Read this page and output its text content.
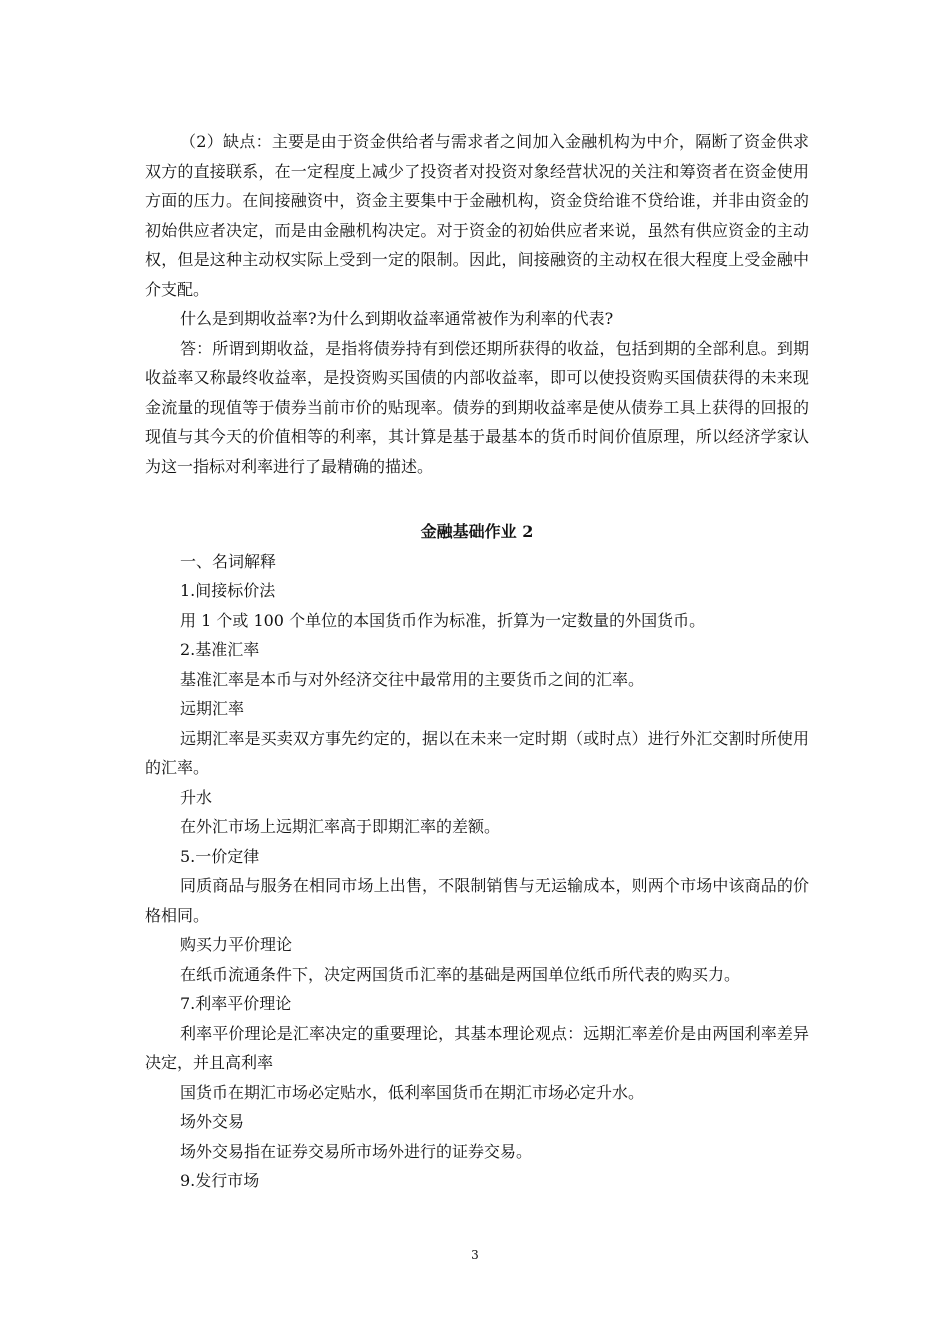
（2）缺点：主要是由于资金供给者与需求者之间加入金融机构为中介，隔断了资金供求双方的直接联系，在一定程度上减少了投资者对投资对象经营状况的关注和筹资者在资金使用方面的压力。在间接融资中，资金主要集中于金融机构，资金贷给谁不贷给谁，并非由资金的初始供应者决定，而是由金融机构决定。对于资金的初始供应者来说，虽然有供应资金的主动权，但是这种主动权实际上受到一定的限制。因此，间接融资的主动权在很大程度上受金融中介支配。

什么是到期收益率?为什么到期收益率通常被作为利率的代表?

答：所谓到期收益，是指将债券持有到偿还期所获得的收益，包括到期的全部利息。到期收益率又称最终收益率，是投资购买国债的内部收益率，即可以使投资购买国债获得的未来现金流量的现值等于债券当前市价的贴现率。债券的到期收益率是使从债券工具上获得的回报的现值与其今天的价值相等的利率，其计算是基于最基本的货币时间价值原理，所以经济学家认为这一指标对利率进行了最精确的描述。

金融基础作业 2

一、名词解释

1.间接标价法

用 1 个或 100 个单位的本国货币作为标准，折算为一定数量的外国货币。

2.基准汇率

基准汇率是本币与对外经济交往中最常用的主要货币之间的汇率。

远期汇率

远期汇率是买卖双方事先约定的，据以在未来一定时期（或时点）进行外汇交割时所使用的汇率。

升水

在外汇市场上远期汇率高于即期汇率的差额。

5.一价定律

同质商品与服务在相同市场上出售，不限制销售与无运输成本，则两个市场中该商品的价格相同。

购买力平价理论

在纸币流通条件下，决定两国货币汇率的基础是两国单位纸币所代表的购买力。

7.利率平价理论

利率平价理论是汇率决定的重要理论，其基本理论观点：远期汇率差价是由两国利率差异决定，并且高利率

国货币在期汇市场必定贴水，低利率国货币在期汇市场必定升水。

场外交易

场外交易指在证券交易所市场外进行的证券交易。

9.发行市场

3
